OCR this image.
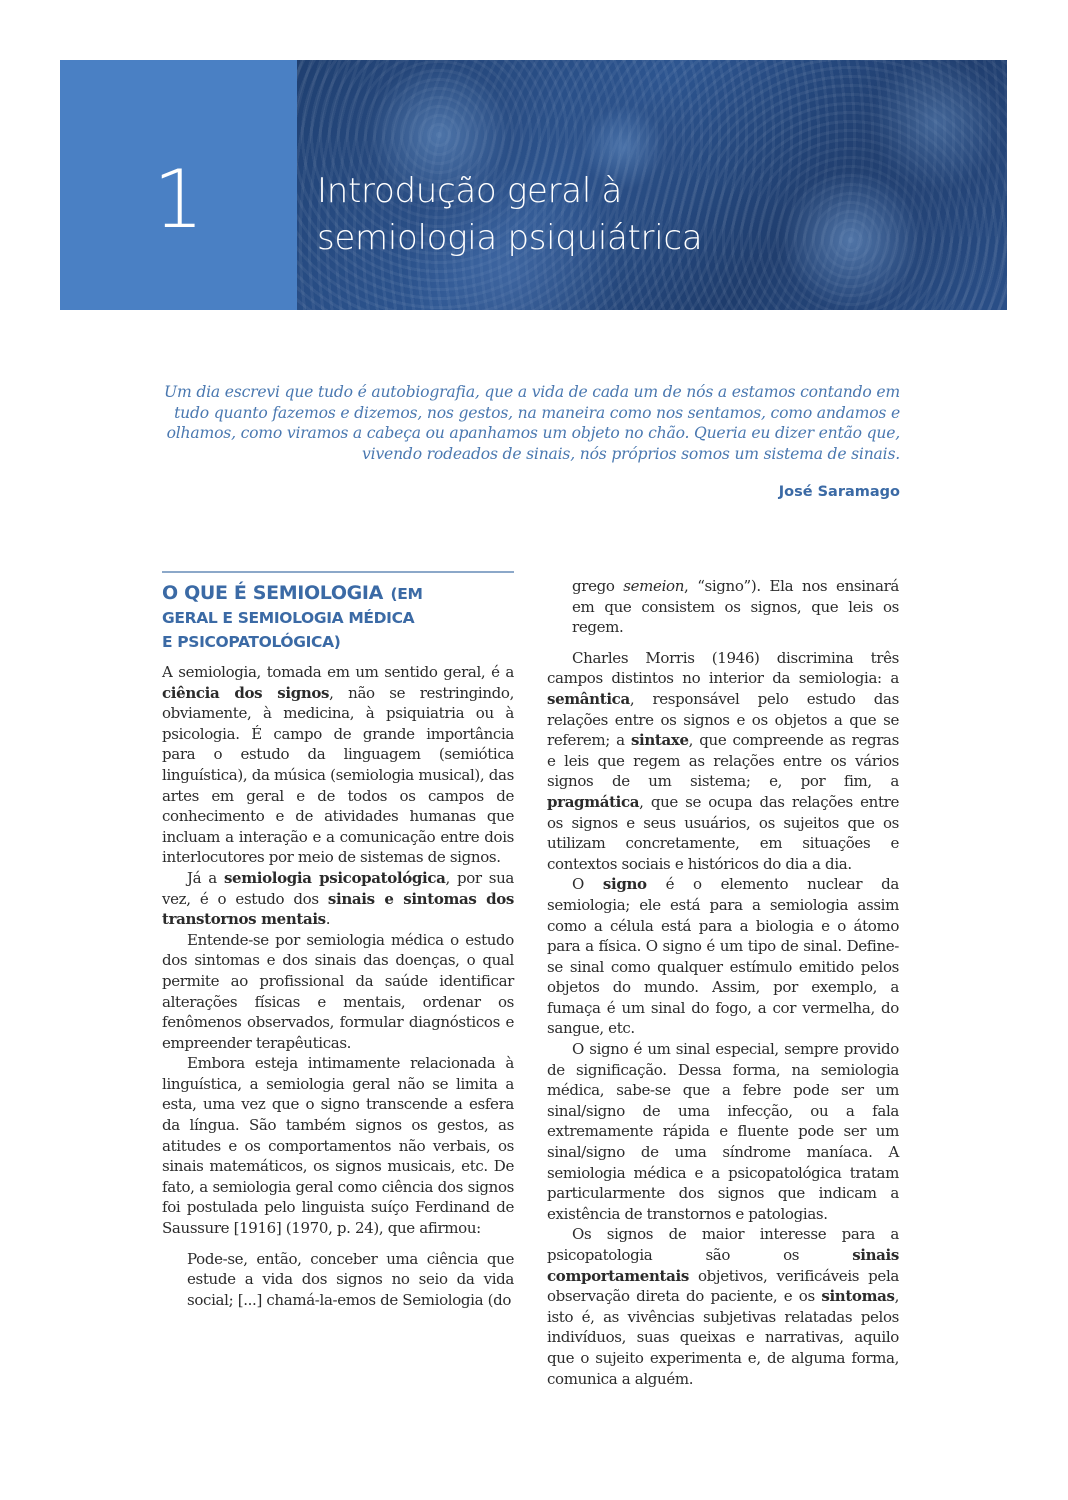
1	Introdução geral à
semiologia psiquiátrica
Um dia escrevi que tudo é autobiografia, que a vida de cada um de nós a estamos contando em tudo quanto fazemos e dizemos, nos gestos, na maneira como nos sentamos, como andamos e olhamos, como viramos a cabeça ou apanhamos um objeto no chão. Queria eu dizer então que, vivendo rodeados de sinais, nós próprios somos um sistema de sinais.
José Saramago
O QUE É SEMIOLOGIA (EM
GERAL E SEMIOLOGIA MÉDICA
E PSICOPATOLÓGICA)

A semiologia, tomada em um sentido geral, é a ciência dos signos, não se restringindo, obviamente, à medicina, à psiquiatria ou à psicologia. É campo de grande importância para o estudo da linguagem (semiótica linguística), da música (semiologia musical), das artes em geral e de todos os campos de conhecimento e de atividades humanas que incluam a interação e a comunicação entre dois interlocutores por meio de sistemas de signos.

Já a semiologia psicopatológica, por sua vez, é o estudo dos sinais e sintomas dos transtornos mentais.

Entende-se por semiologia médica o estudo dos sintomas e dos sinais das doenças, o qual permite ao profissional da saúde identificar alterações físicas e mentais, ordenar os fenômenos observados, formular diagnósticos e empreender terapêuticas.

Embora esteja intimamente relacionada à linguística, a semiologia geral não se limita a esta, uma vez que o signo transcende a esfera da língua. São também signos os gestos, as atitudes e os comportamentos não verbais, os sinais matemáticos, os signos musicais, etc. De fato, a semiologia geral como ciência dos signos foi postulada pelo linguista suíço Ferdinand de Saussure [1916] (1970, p. 24), que afirmou:

Pode-se, então, conceber uma ciência que estude a vida dos signos no seio da vida social; [...] chamá-la-emos de Semiologia (do

grego semeion, “signo”). Ela nos ensinará em que consistem os signos, que leis os regem.

Charles Morris (1946) discrimina três campos distintos no interior da semiologia: a semântica, responsável pelo estudo das relações entre os signos e os objetos a que se referem; a sintaxe, que compreende as regras e leis que regem as relações entre os vários signos de um sistema; e, por fim, a pragmática, que se ocupa das relações entre os signos e seus usuários, os sujeitos que os utilizam concretamente, em situações e contextos sociais e históricos do dia a dia.

O signo é o elemento nuclear da semiologia; ele está para a semiologia assim como a célula está para a biologia e o átomo para a física. O signo é um tipo de sinal. Define-se sinal como qualquer estímulo emitido pelos objetos do mundo. Assim, por exemplo, a fumaça é um sinal do fogo, a cor vermelha, do sangue, etc.

O signo é um sinal especial, sempre provido de significação. Dessa forma, na semiologia médica, sabe-se que a febre pode ser um sinal/signo de uma infecção, ou a fala extremamente rápida e fluente pode ser um sinal/signo de uma síndrome maníaca. A semiologia médica e a psicopatológica tratam particularmente dos signos que indicam a existência de transtornos e patologias.

Os signos de maior interesse para a psicopatologia são os sinais comportamentais objetivos, verificáveis pela observação direta do paciente, e os sintomas, isto é, as vivências subjetivas relatadas pelos indivíduos, suas queixas e narrativas, aquilo que o sujeito experimenta e, de alguma forma, comunica a alguém.
